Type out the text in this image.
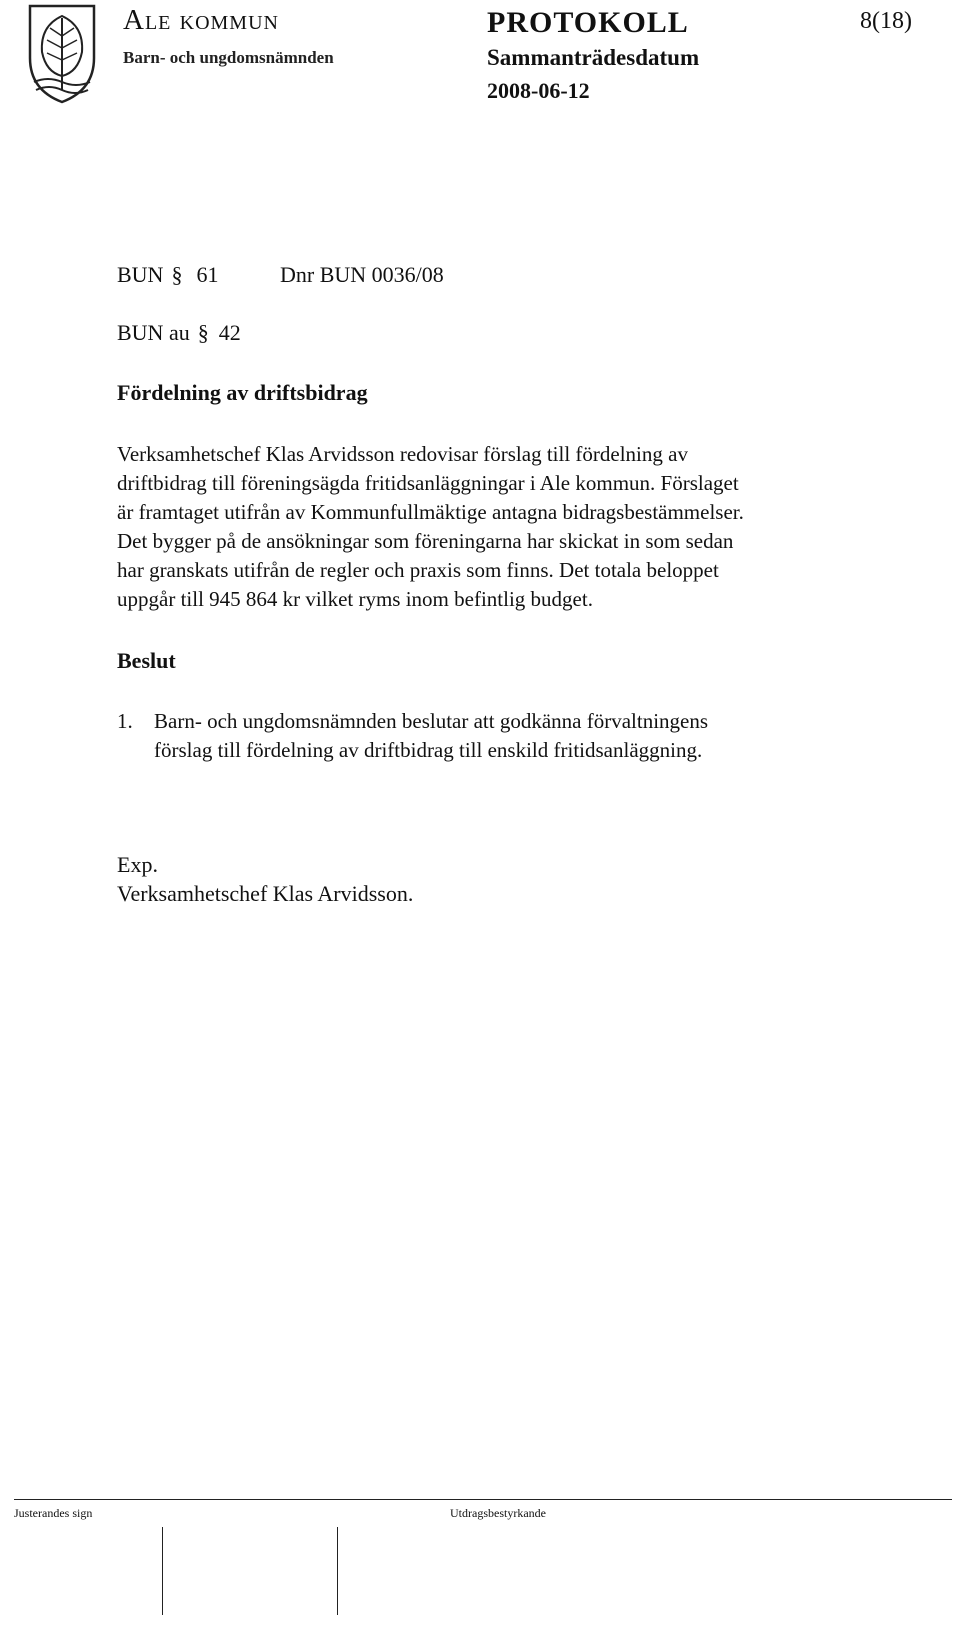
Ale kommun
Barn- och ungdomsnämnden
PROTOKOLL
Sammanträdesdatum
2008-06-12
8(18)
BUN § 61	Dnr BUN 0036/08
BUN au § 42
Fördelning av driftsbidrag
Verksamhetschef Klas Arvidsson redovisar förslag till fördelning av
driftbidrag till föreningsägda fritidsanläggningar i Ale kommun. Förslaget
är framtaget utifrån av Kommunfullmäktige antagna bidragsbestämmelser.
Det bygger på de ansökningar som föreningarna har skickat in som sedan
har granskats utifrån de regler och praxis som finns. Det totala beloppet
uppgår till 945 864 kr vilket ryms inom befintlig budget.
Beslut
1. Barn- och ungdomsnämnden beslutar att godkänna förvaltningens
förslag till fördelning av driftbidrag till enskild fritidsanläggning.
Exp.
Verksamhetschef Klas Arvidsson.
Justerandes sign	Utdragsbestyrkande
